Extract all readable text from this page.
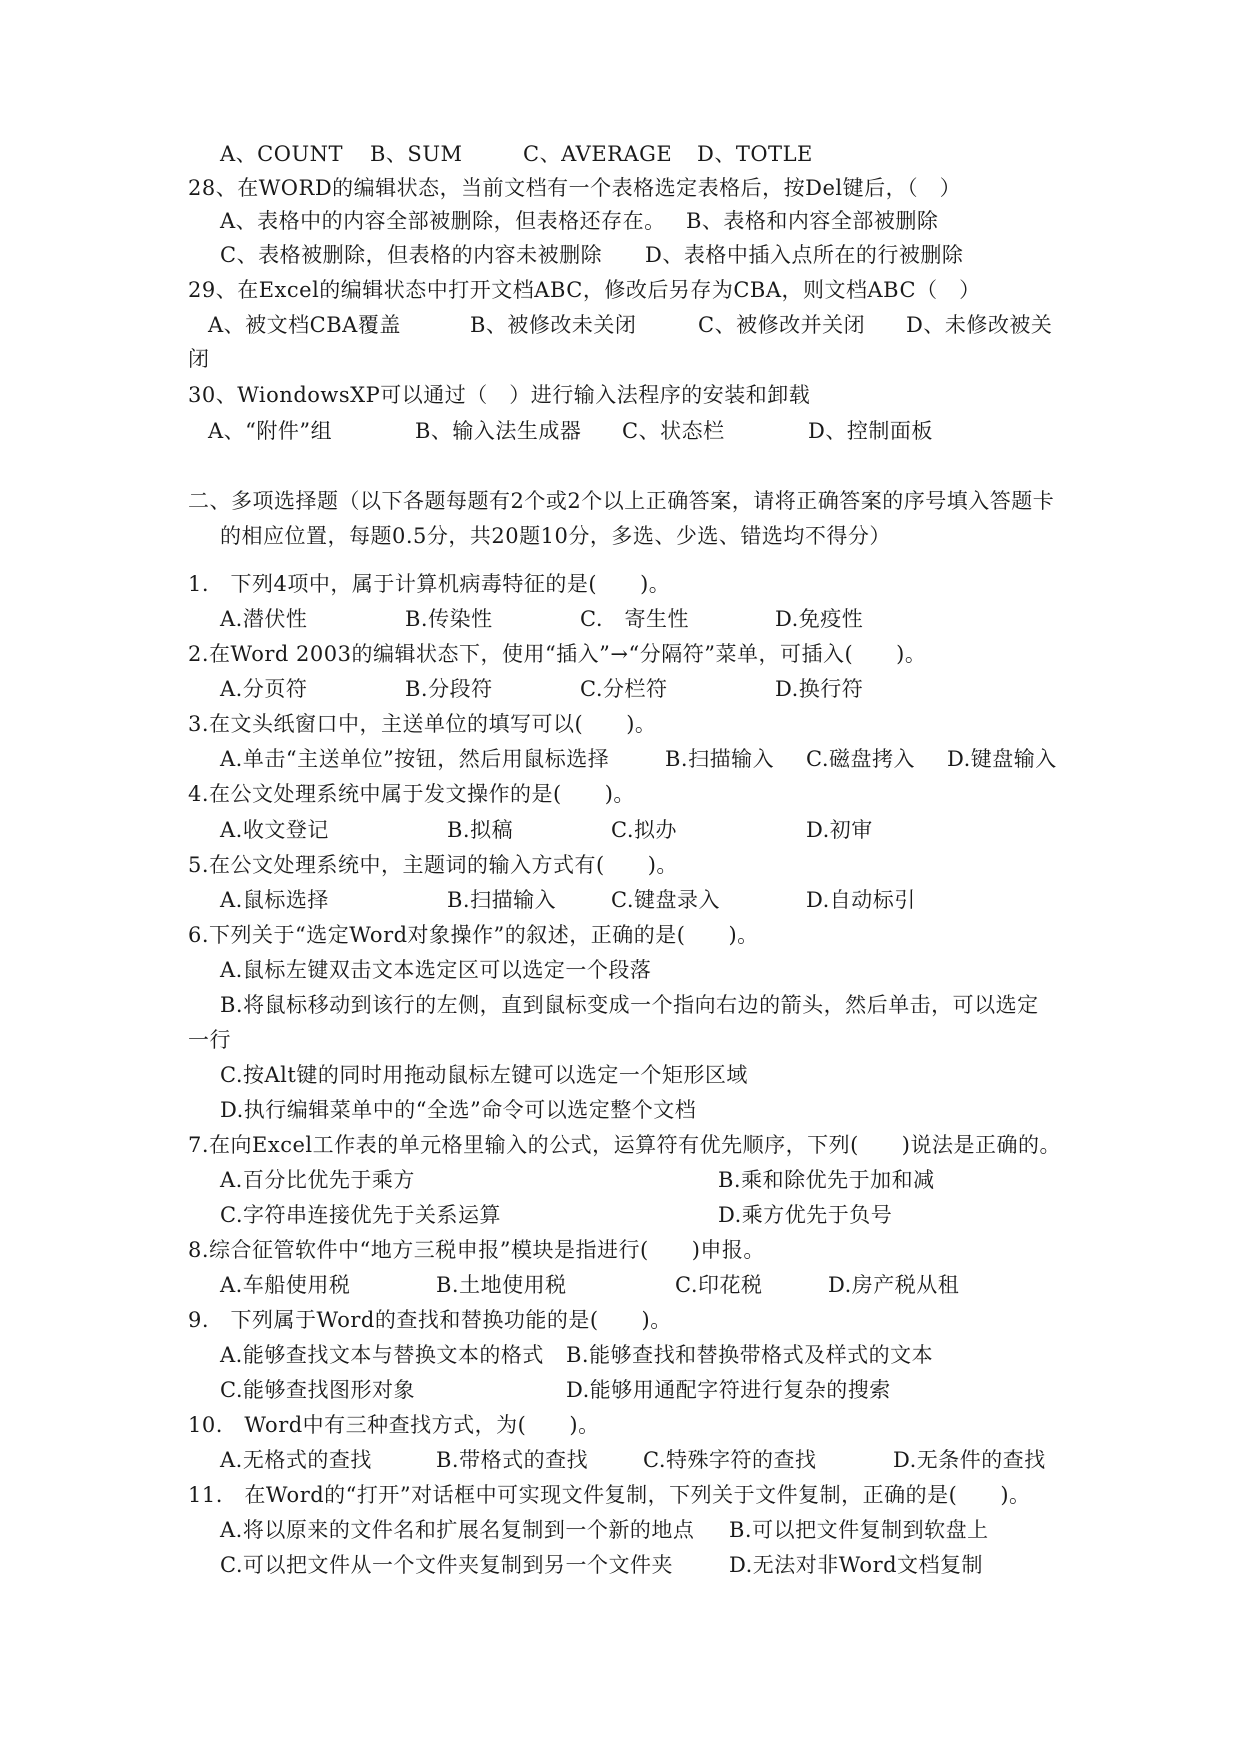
A、COUNT B、SUM	C、AVERAGE D、TOTLE
28、在WORD的编辑状态，当前文档有一个表格选定表格后，按Del键后，（　）
A、表格中的内容全部被删除，但表格还存在。 B、表格和内容全部被删除
C、表格被删除，但表格的内容未被删除 D、表格中插入点所在的行被删除
29、在Excel的编辑状态中打开文档ABC，修改后另存为CBA，则文档ABC（　）
A、被文档CBA覆盖	B、被修改未关闭	C、被修改并关闭 D、未修改被关
闭
30、WiondowsXP可以通过（　）进行输入法程序的安装和卸载
A、“附件”组	B、输入法生成器 C、状态栏	D、控制面板
二、多项选择题（以下各题每题有2个或2个以上正确答案，请将正确答案的序号填入答题卡
的相应位置，每题0.5分，共20题10分，多选、少选、错选均不得分）
1.　下列4项中，属于计算机病毒特征的是(　　)。
A.潜伏性	B.传染性	C.　寄生性	D.免疫性
2.在Word 2003的编辑状态下，使用“插入”→“分隔符”菜单，可插入(　　)。
A.分页符	B.分段符	C.分栏符	D.换行符
3.在文头纸窗口中，主送单位的填写可以(　　)。
A.单击“主送单位”按钮，然后用鼠标选择	B.扫描输入 C.磁盘拷入 D.键盘输入
4.在公文处理系统中属于发文操作的是(　　)。
A.收文登记	B.拟稿	C.拟办	D.初审
5.在公文处理系统中，主题词的输入方式有(　　)。
A.鼠标选择	B.扫描输入	C.键盘录入	D.自动标引
6.下列关于“选定Word对象操作”的叙述，正确的是(　　)。
A.鼠标左键双击文本选定区可以选定一个段落
B.将鼠标移动到该行的左侧，直到鼠标变成一个指向右边的箭头，然后单击，可以选定
一行
C.按Alt键的同时用拖动鼠标左键可以选定一个矩形区域
D.执行编辑菜单中的“全选”命令可以选定整个文档
7.在向Excel工作表的单元格里输入的公式，运算符有优先顺序，下列(　　)说法是正确的。
A.百分比优先于乘方	B.乘和除优先于加和减
C.字符串连接优先于关系运算	D.乘方优先于负号
8.综合征管软件中“地方三税申报”模块是指进行(　　)申报。
A.车船使用税	B.土地使用税	C.印花税	D.房产税从租
9.　下列属于Word的查找和替换功能的是(　　)。
A.能够查找文本与替换文本的格式 B.能够查找和替换带格式及样式的文本
C.能够查找图形对象	D.能够用通配字符进行复杂的搜索
10.　Word中有三种查找方式，为(　　)。
A.无格式的查找	B.带格式的查找	C.特殊字符的查找	D.无条件的查找
11.　在Word的“打开”对话框中可实现文件复制，下列关于文件复制，正确的是(　　)。
A.将以原来的文件名和扩展名复制到一个新的地点 B.可以把文件复制到软盘上
C.可以把文件从一个文件夹复制到另一个文件夹	D.无法对非Word文档复制
